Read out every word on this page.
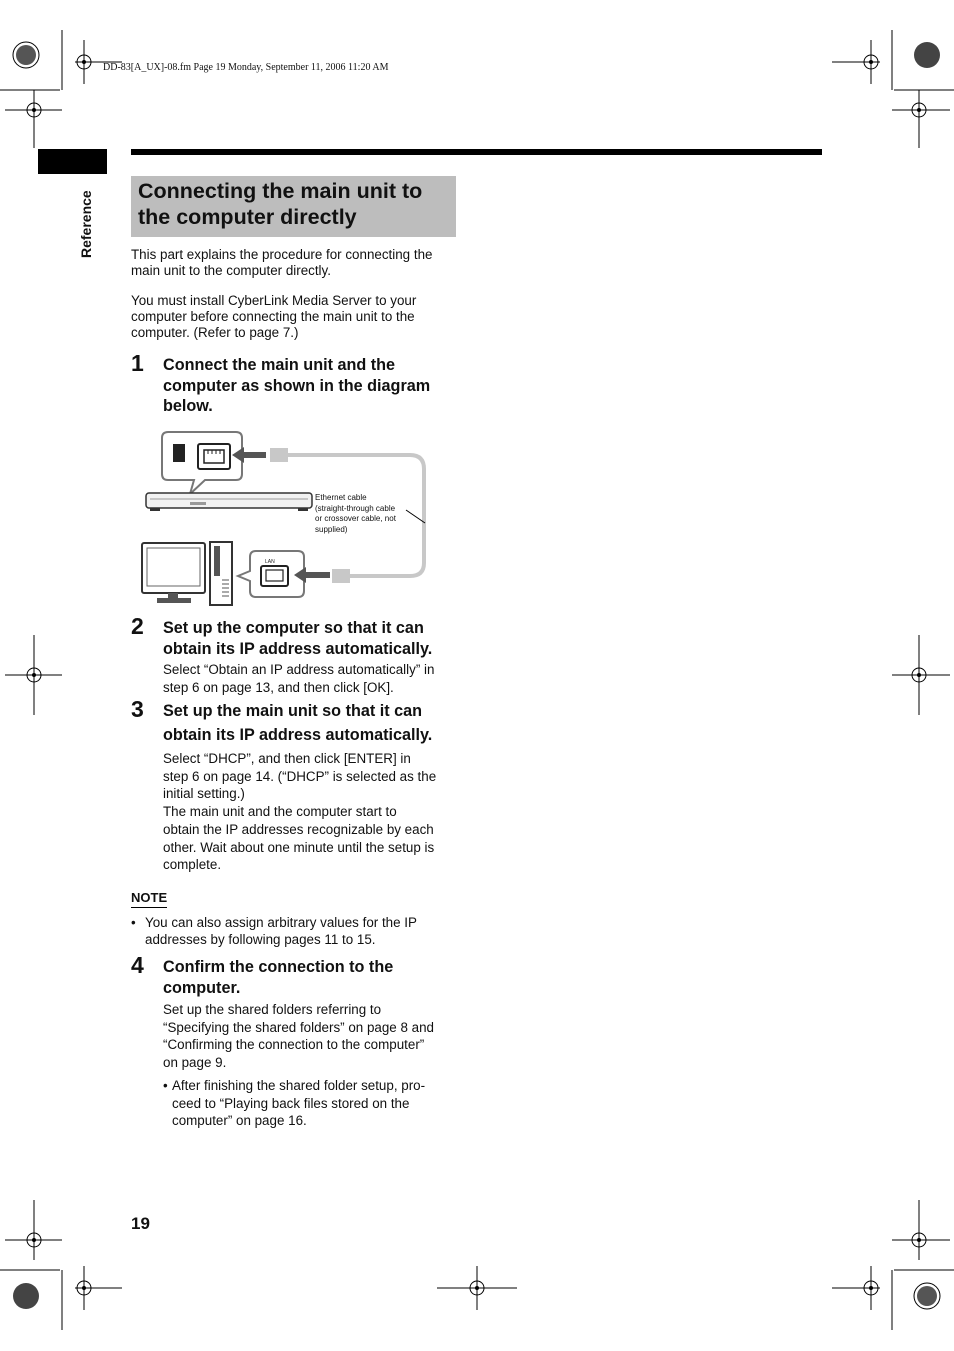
DD-83[A_UX]-08.fm Page 19 Monday, September 11, 2006 11:20 AM
Reference Connecting the main unit to
the computer directly
This part explains the procedure for connecting the
main unit to the computer directly.
You must install CyberLink Media Server to your
computer before connecting the main unit to the
computer. (Refer to page 7.)
1 Connect the main unit and the
computer as shown in the diagram
below.
LAN
Ethernet cable
(straight-through cable
or crossover cable, not
supplied)
2 Set up the computer so that it can
obtain its IP address automatically.
Select “Obtain an IP address automatically” in
step 6 on page 13, and then click [OK].
3 Set up the main unit so that it can
obtain its IP address automatically.
Select “DHCP”, and then click [ENTER] in
step 6 on page 14. (“DHCP” is selected as the
initial setting.)
The main unit and the computer start to
obtain the IP addresses recognizable by each
other. Wait about one minute until the setup is
complete.
NOTE
• You can also assign arbitrary values for the IP
addresses by following pages 11 to 15.
4 Confirm the connection to the
computer.
Set up the shared folders referring to
“Specifying the shared folders” on page 8 and
“Confirming the connection to the computer”
on page 9.
• After finishing the shared folder setup, pro-
ceed to “Playing back files stored on the
computer” on page 16.
19
